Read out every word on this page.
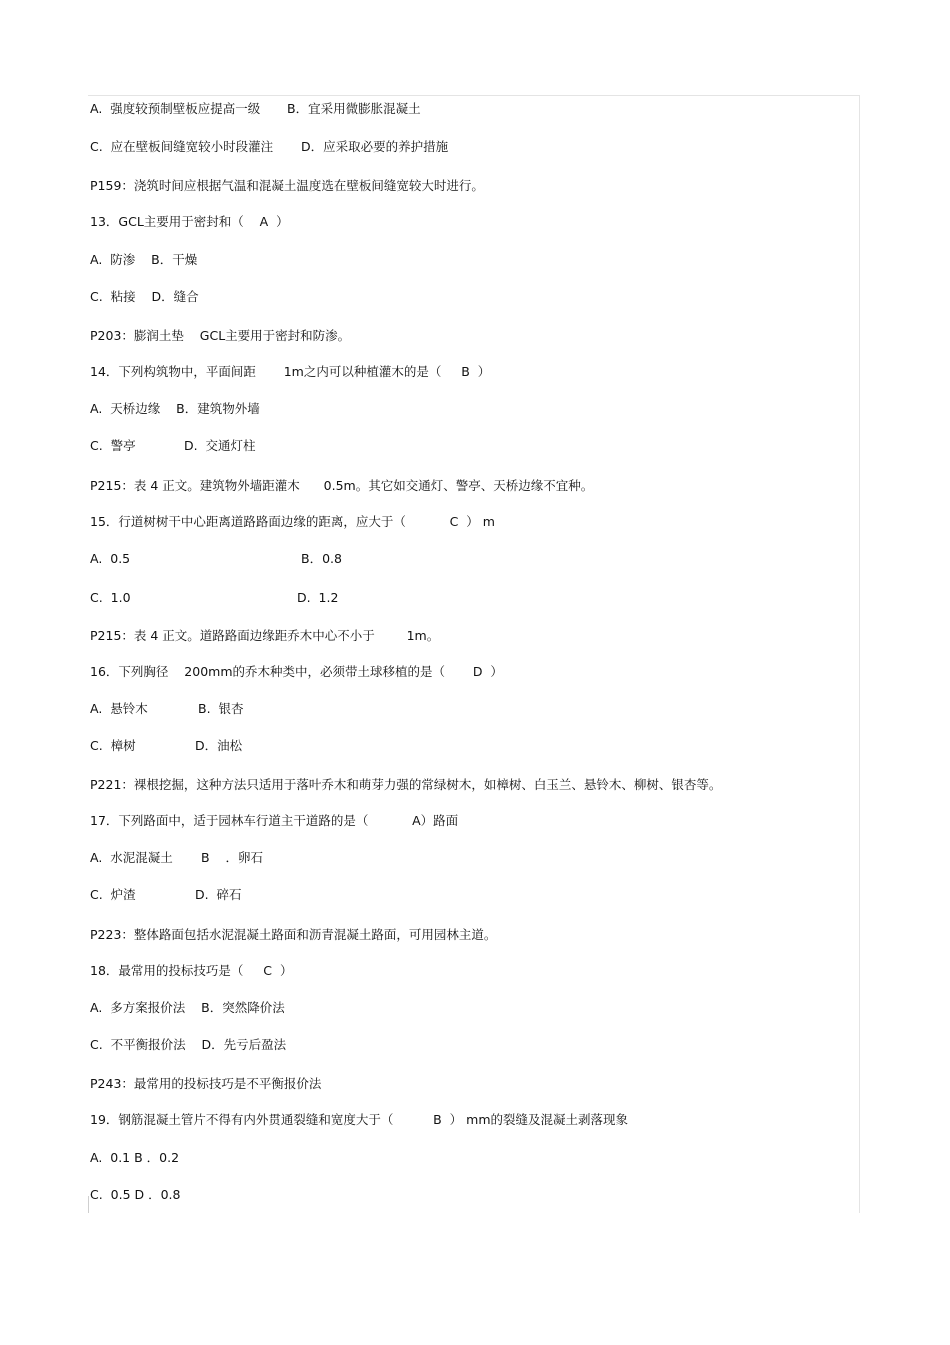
A.  强度较预制壁板应提高一级 B．宜采用微膨胀混凝土
C.  应在壁板间缝宽较小时段灌注 D．应采取必要的养护措施
P159：浇筑时间应根据气温和混凝土温度选在壁板间缝宽较大时进行。
13．GCL主要用于密封和（    A  ）
A.  防渗    B．干燥
C.  粘接    D．缝合
P203：膨润土垫    GCL主要用于密封和防渗。
14．下列构筑物中，平面间距       1m之内可以种植灌木的是（     B  ）
A.  天桥边缘    B．建筑物外墙
C.  警亭	D.  交通灯柱
P215：表 4 正文。建筑物外墙距灌木      0.5m。其它如交通灯、警亭、天桥边缘不宜种。
15．行道树树干中心距离道路路面边缘的距离，应大于（           C  ） m
A.  0.5	B．0.8
C.  1.0	D.  1.2
P215：表 4 正文。道路路面边缘距乔木中心不小于        1m。
16．下列胸径    200mm的乔木种类中，必须带土球移植的是（       D  ）
A.  悬铃木	B.  银杏
C.  樟树	D．油松
P221：裸根挖掘，这种方法只适用于落叶乔木和萌芽力强的常绿树木，如樟树、白玉兰、悬铃木、柳树、银杏等。
17．下列路面中，适于园林车行道主干道路的是（           A）路面
A.  水泥混凝土 B    ．卵石
C.  炉渣	D.  碎石
P223：整体路面包括水泥混凝土路面和沥青混凝土路面，可用园林主道。
18．最常用的投标技巧是（     C  ）
A.  多方案报价法    B．突然降价法
C.  不平衡报价法    D．先亏后盈法
P243：最常用的投标技巧是不平衡报价法
19．钢筋混凝土管片不得有内外贯通裂缝和宽度大于（          B  ） mm的裂缝及混凝土剥落现象
A.  0.1 B ．0.2
C.  0.5 D ．0.8
